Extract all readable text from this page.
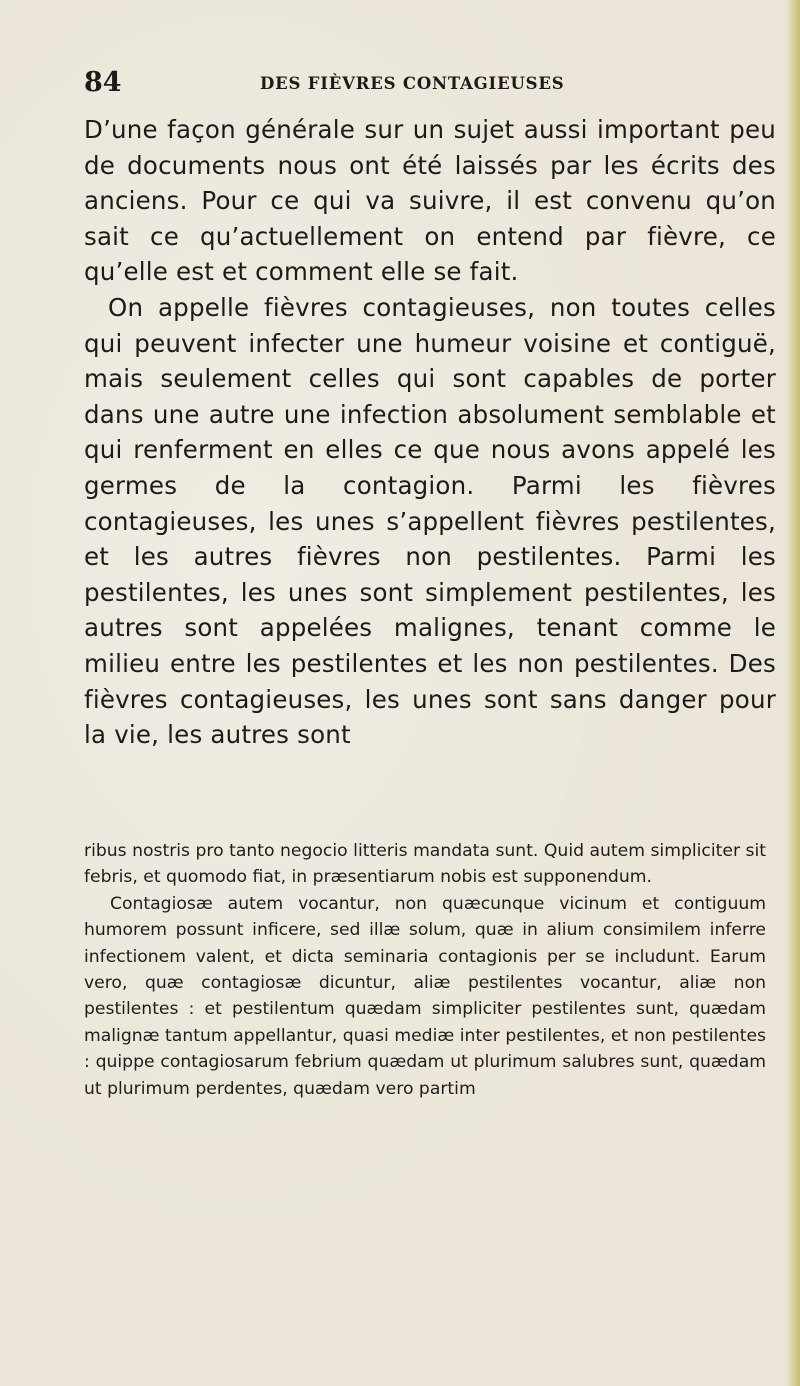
84	DES FIÈVRES CONTAGIEUSES

D’une façon générale sur un sujet aussi important peu de documents nous ont été laissés par les écrits des anciens. Pour ce qui va suivre, il est convenu qu’on sait ce qu’actuellement on entend par fièvre, ce qu’elle est et comment elle se fait.

On appelle fièvres contagieuses, non toutes celles qui peuvent infecter une humeur voisine et contiguë, mais seulement celles qui sont capables de porter dans une autre une infection absolument semblable et qui renferment en elles ce que nous avons appelé les germes de la contagion. Parmi les fièvres contagieuses, les unes s’appellent fièvres pestilentes, et les autres fièvres non pestilentes. Parmi les pestilentes, les unes sont simplement pestilentes, les autres sont appelées malignes, tenant comme le milieu entre les pestilentes et les non pestilentes. Des fièvres contagieuses, les unes sont sans danger pour la vie, les autres sont

ribus nostris pro tanto negocio litteris mandata sunt. Quid autem simpliciter sit febris, et quomodo fiat, in præsentiarum nobis est supponendum.

Contagiosæ autem vocantur, non quæcunque vicinum et contiguum humorem possunt inficere, sed illæ solum, quæ in alium consimilem inferre infectionem valent, et dicta seminaria contagionis per se includunt. Earum vero, quæ contagiosæ dicuntur, aliæ pestilentes vocantur, aliæ non pestilentes : et pestilentum quædam simpliciter pestilentes sunt, quædam malignæ tantum appellantur, quasi mediæ inter pestilentes, et non pestilentes : quippe contagiosarum febrium quædam ut plurimum salubres sunt, quædam ut plurimum perdentes, quædam vero partim
